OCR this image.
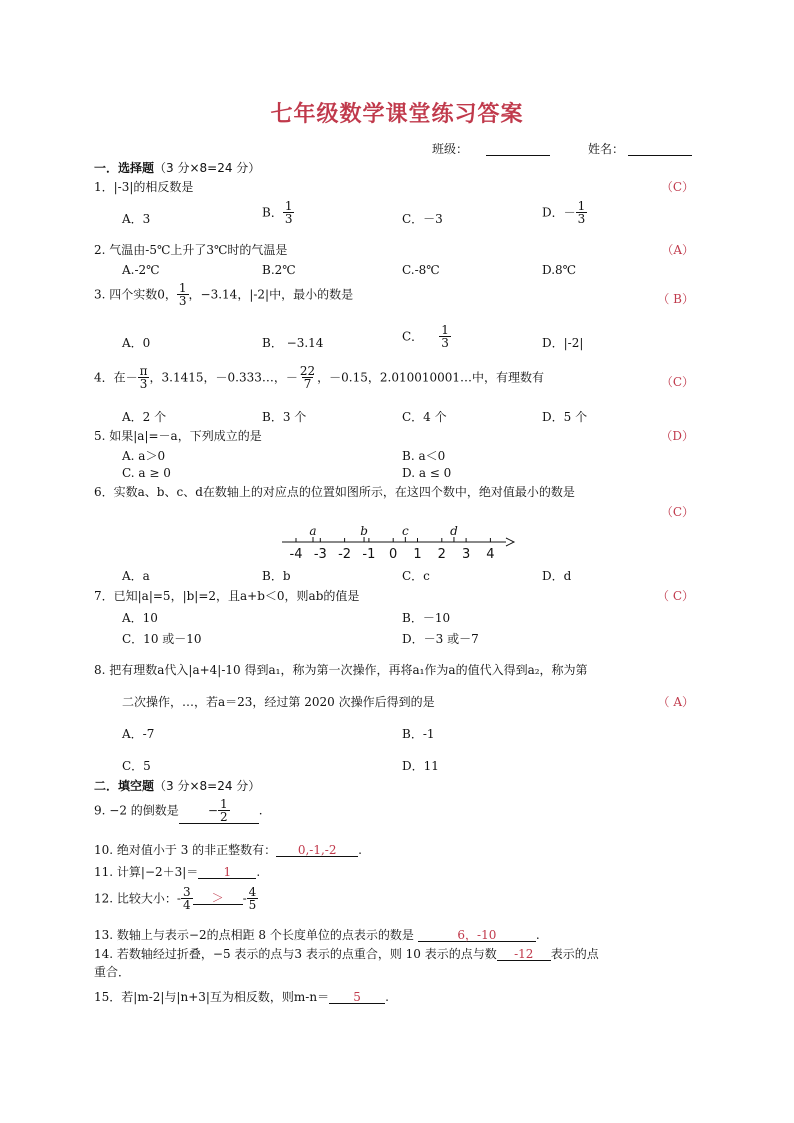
七年级数学课堂练习答案
班级：	姓名：
一．选择题（3 分×8=24 分）
1．|-3|的相反数是	（C）
A．3	B． $\frac{1}{3}$	C．－3	D．－ $\frac{1}{3}$
2. 气温由-5℃上升了3℃时的气温是	（A）
A.-2℃	B.2℃	C.-8℃	D.8℃
3. 四个实数0， $\frac{1}{3}$ ，−3.14，|-2|中，最小的数是	（ B）
A．0	B． −3.14	C． $\frac{1}{3}$	D．|-2|
4．在－ $\frac{\pi}{3}$ ，3.1415，－0.333…，－ $\frac{22}{7}$ ，－0.15，2.010010001…中，有理数有	（C）
A．2 个	B．3 个	C．4 个	D．5 个
5. 如果|a|=－a，下列成立的是	（D）
A. a＞0	B. a＜0
C. a ≥ 0	D. a ≤ 0
6．实数a、b、c、d在数轴上的对应点的位置如图所示，在这四个数中，绝对值最小的数是
（C）
-4 -3 -2 -1 0 1 2 3 4
a	b	c	d
A．a	B．b	C．c	D．d
7．已知|a|=5，|b|=2，且a+b＜0，则ab的值是	（ C）
A．10	B．－10
C．10 或－10	D．－3 或－7
8. 把有理数a代入|a+4|-10 得到a₁，称为第一次操作，再将a₁作为a的值代入得到a₂，称为第
二次操作，…，若a＝23，经过第 2020 次操作后得到的是	（ A）
A．-7	B．-1
C．5	D．11
二．填空题（3 分×8=24 分）
9. −2 的倒数是 − $\frac{1}{2}$ .
10. 绝对值小于 3 的非正整数有： 0,-1,-2 .
11. 计算|−2＋3|＝ 1 .
12. 比较大小：- $\frac{3}{4}$ ＞ - $\frac{4}{5}$
13. 数轴上与表示−2的点相距 8 个长度单位的点表示的数是	6，-10	.
14. 若数轴经过折叠，−5 表示的点与3 表示的点重合，则 10 表示的点与数 -12 表示的点
重合．
15．若|m-2|与|n+3|互为相反数，则m-n＝ 5 .
